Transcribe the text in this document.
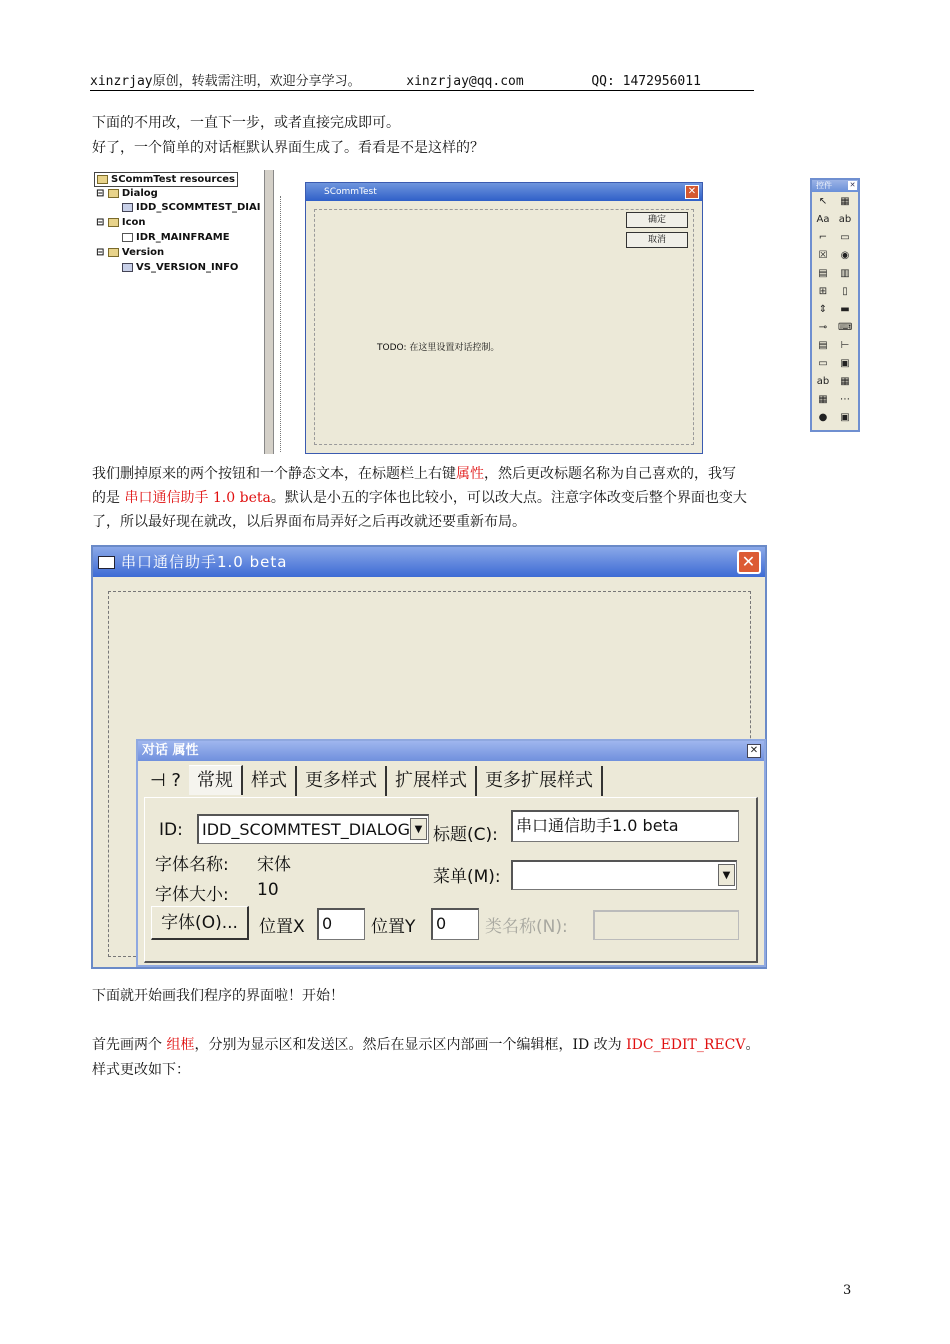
xinzrjay原创，转载需注明，欢迎分享学习。	xinzrjay@qq.com	QQ: 1472956011
下面的不用改，一直下一步，或者直接完成即可。
好了，一个简单的对话框默认界面生成了。看看是不是这样的？
SCommTest resources
⊟ Dialog
IDD_SCOMMTEST_DIAI
⊟ Icon
IDR_MAINFRAME
⊟ Version
VS_VERSION_INFO
SCommTest	✕
确定
取消
TODO: 在这里设置对话控制。
控件	✕
↖ ▦
Aa ab
⌐ ▭
☒ ◉
▤ ▥
⊞	▯
⇕ ▬
⊸ ⌨
▤ ⊢
▭ ▣
ab ▦
▦ ⋯
● ▣
我们删掉原来的两个按钮和一个静态文本，在标题栏上右键属性，然后更改标题名称为自己喜欢的，我写
的是 串口通信助手 1.0 beta。默认是小五的字体也比较小，可以改大点。注意字体改变后整个界面也变大
了，所以最好现在就改，以后界面布局弄好之后再改就还要重新布局。
串口通信助手1.0 beta	✕
对话 属性	✕
⊣ ? 常规 样式 更多样式 扩展样式 更多扩展样式
ID:	IDD_SCOMMTEST_DIALOG ▼ 标题(C):	串口通信助手1.0 beta
字体名称: 宋体
字体大小: 10
菜单(M):	▼
字体(O)...	位置X	0	位置Y	0	类名称(N):
下面就开始画我们程序的界面啦！开始！
首先画两个 组框，分别为显示区和发送区。然后在显示区内部画一个编辑框，ID 改为 IDC_EDIT_RECV。
样式更改如下：
3
